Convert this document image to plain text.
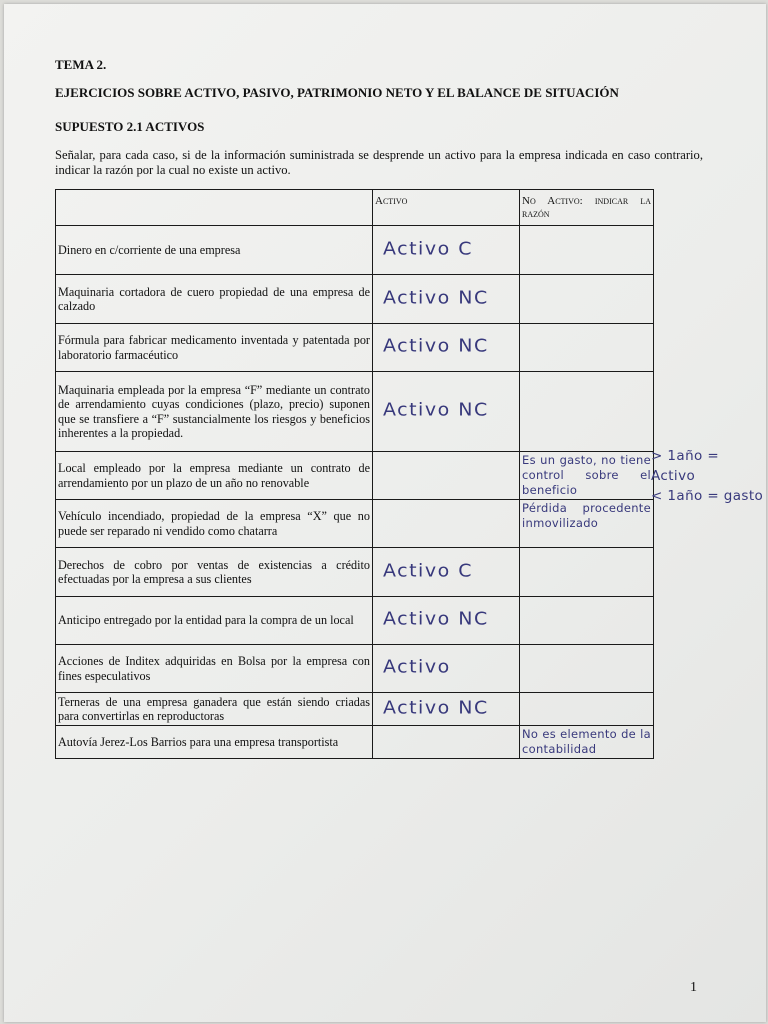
TEMA 2.
EJERCICIOS SOBRE ACTIVO, PASIVO, PATRIMONIO NETO Y EL BALANCE DE SITUACIÓN
SUPUESTO 2.1 ACTIVOS
Señalar, para cada caso, si de la información suministrada se desprende un activo para la empresa indicada en caso contrario, indicar la razón por la cual no existe un activo.
	Activo	No Activo: indicar la razón
Dinero en c/corriente de una empresa	Activo C	
Maquinaria cortadora de cuero propiedad de una empresa de calzado	Activo NC	
Fórmula para fabricar medicamento inventada y patentada por laboratorio farmacéutico	Activo NC	
Maquinaria empleada por la empresa “F” mediante un contrato de arrendamiento cuyas condiciones (plazo, precio) suponen que se transfiere a “F” sustancialmente los riesgos y beneficios inherentes a la propiedad.	Activo NC	
Local empleado por la empresa mediante un contrato de arrendamiento por un plazo de un año no renovable		Es un gasto, no tiene control sobre el beneficio
Vehículo incendiado, propiedad de la empresa “X” que no puede ser reparado ni vendido como chatarra		Pérdida procedente inmovilizado
Derechos de cobro por ventas de existencias a crédito efectuadas por la empresa a sus clientes	Activo C	
Anticipo entregado por la entidad para la compra de un local	Activo NC	
Acciones de Inditex adquiridas en Bolsa por la empresa con fines especulativos	Activo	
Terneras de una empresa ganadera que están siendo criadas para convertirlas en reproductoras	Activo NC	
Autovía Jerez-Los Barrios para una empresa transportista		No es elemento de la contabilidad
> 1año = Activo
< 1año = gasto
1
